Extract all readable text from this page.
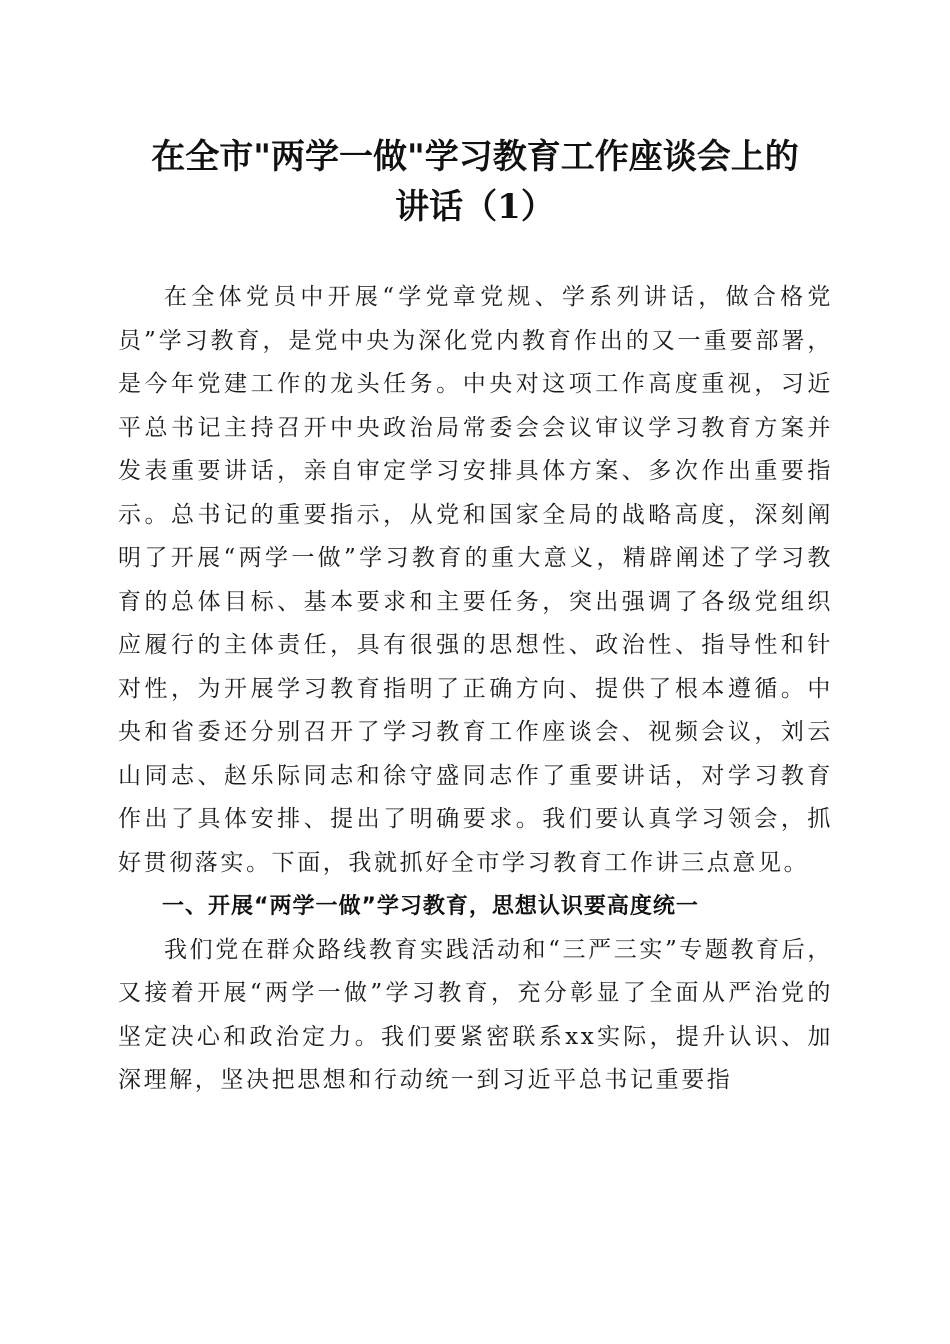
在全市"两学一做"学习教育工作座谈会上的
讲话（1）

在全体党员中开展“学党章党规、学系列讲话，做合格党员”学习教育，是党中央为深化党内教育作出的又一重要部署，是今年党建工作的龙头任务。中央对这项工作高度重视，习近平总书记主持召开中央政治局常委会会议审议学习教育方案并发表重要讲话，亲自审定学习安排具体方案、多次作出重要指示。总书记的重要指示，从党和国家全局的战略高度，深刻阐明了开展“两学一做”学习教育的重大意义，精辟阐述了学习教育的总体目标、基本要求和主要任务，突出强调了各级党组织应履行的主体责任，具有很强的思想性、政治性、指导性和针对性，为开展学习教育指明了正确方向、提供了根本遵循。中央和省委还分别召开了学习教育工作座谈会、视频会议，刘云山同志、赵乐际同志和徐守盛同志作了重要讲话，对学习教育作出了具体安排、提出了明确要求。我们要认真学习领会，抓好贯彻落实。下面，我就抓好全市学习教育工作讲三点意见。

一、开展“两学一做”学习教育，思想认识要高度统一

我们党在群众路线教育实践活动和“三严三实”专题教育后，又接着开展“两学一做”学习教育，充分彰显了全面从严治党的坚定决心和政治定力。我们要紧密联系xx实际，提升认识、加深理解，坚决把思想和行动统一到习近平总书记重要指
